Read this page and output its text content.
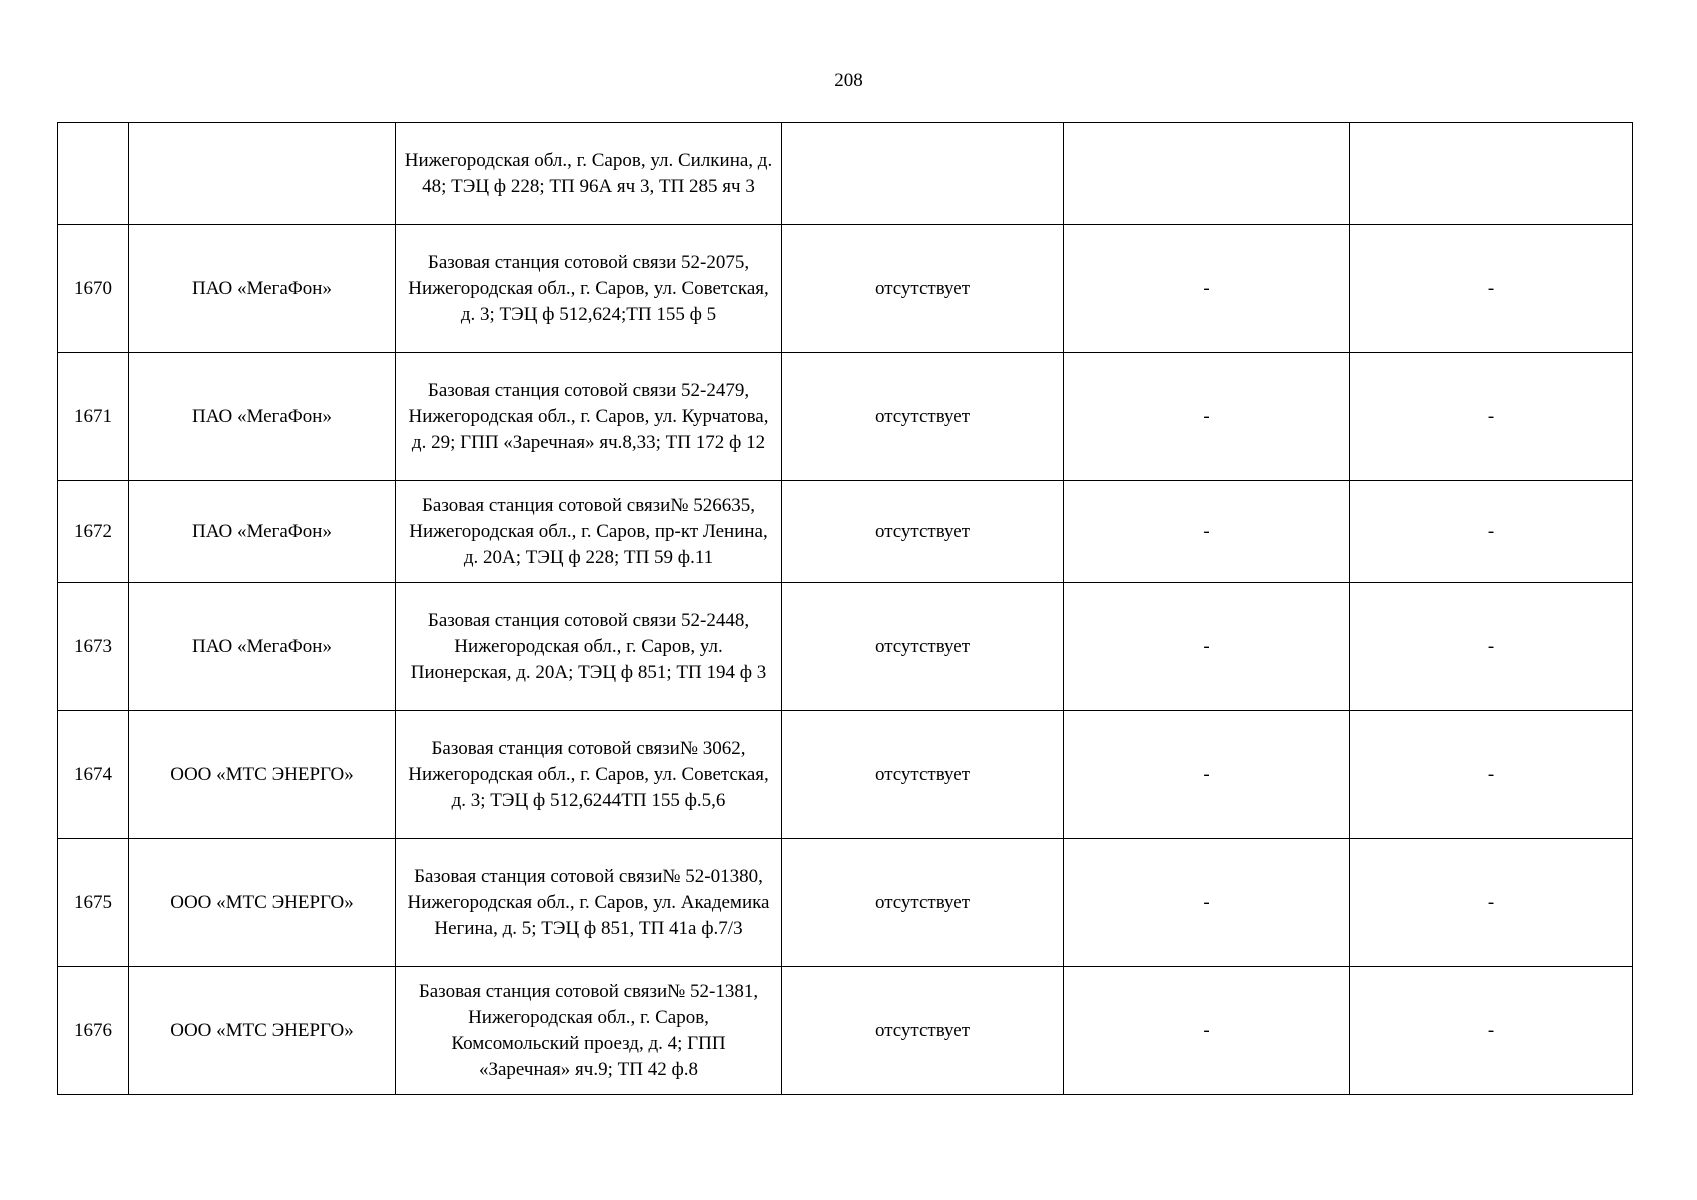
208
		Нижегородская обл., г. Саров, ул. Силкина, д. 48; ТЭЦ ф 228; ТП 96А яч 3, ТП 285 яч 3			
1670	ПАО «МегаФон»	Базовая станция сотовой связи 52-2075, Нижегородская обл., г. Саров, ул. Советская, д. 3; ТЭЦ ф 512,624;ТП 155 ф 5	отсутствует	-	-
1671	ПАО «МегаФон»	Базовая станция сотовой связи 52-2479, Нижегородская обл., г. Саров, ул. Курчатова, д. 29; ГПП «Заречная» яч.8,33; ТП 172 ф 12	отсутствует	-	-
1672	ПАО «МегаФон»	Базовая станция сотовой связи№ 526635, Нижегородская обл., г. Саров, пр-кт Ленина, д. 20А; ТЭЦ ф 228; ТП 59 ф.11	отсутствует	-	-
1673	ПАО «МегаФон»	Базовая станция сотовой связи 52-2448, Нижегородская обл., г. Саров, ул. Пионерская, д. 20А; ТЭЦ ф 851; ТП 194 ф 3	отсутствует	-	-
1674	ООО «МТС ЭНЕРГО»	Базовая станция сотовой связи№ 3062, Нижегородская обл., г. Саров, ул. Советская, д. 3; ТЭЦ ф 512,6244ТП 155 ф.5,6	отсутствует	-	-
1675	ООО «МТС ЭНЕРГО»	Базовая станция сотовой связи№ 52-01380, Нижегородская обл., г. Саров, ул. Академика Негина, д. 5; ТЭЦ ф 851, ТП 41а ф.7/3	отсутствует	-	-
1676	ООО «МТС ЭНЕРГО»	Базовая станция сотовой связи№ 52-1381, Нижегородская обл., г. Саров, Комсомольский проезд, д. 4; ГПП «Заречная» яч.9; ТП 42 ф.8	отсутствует	-	-
